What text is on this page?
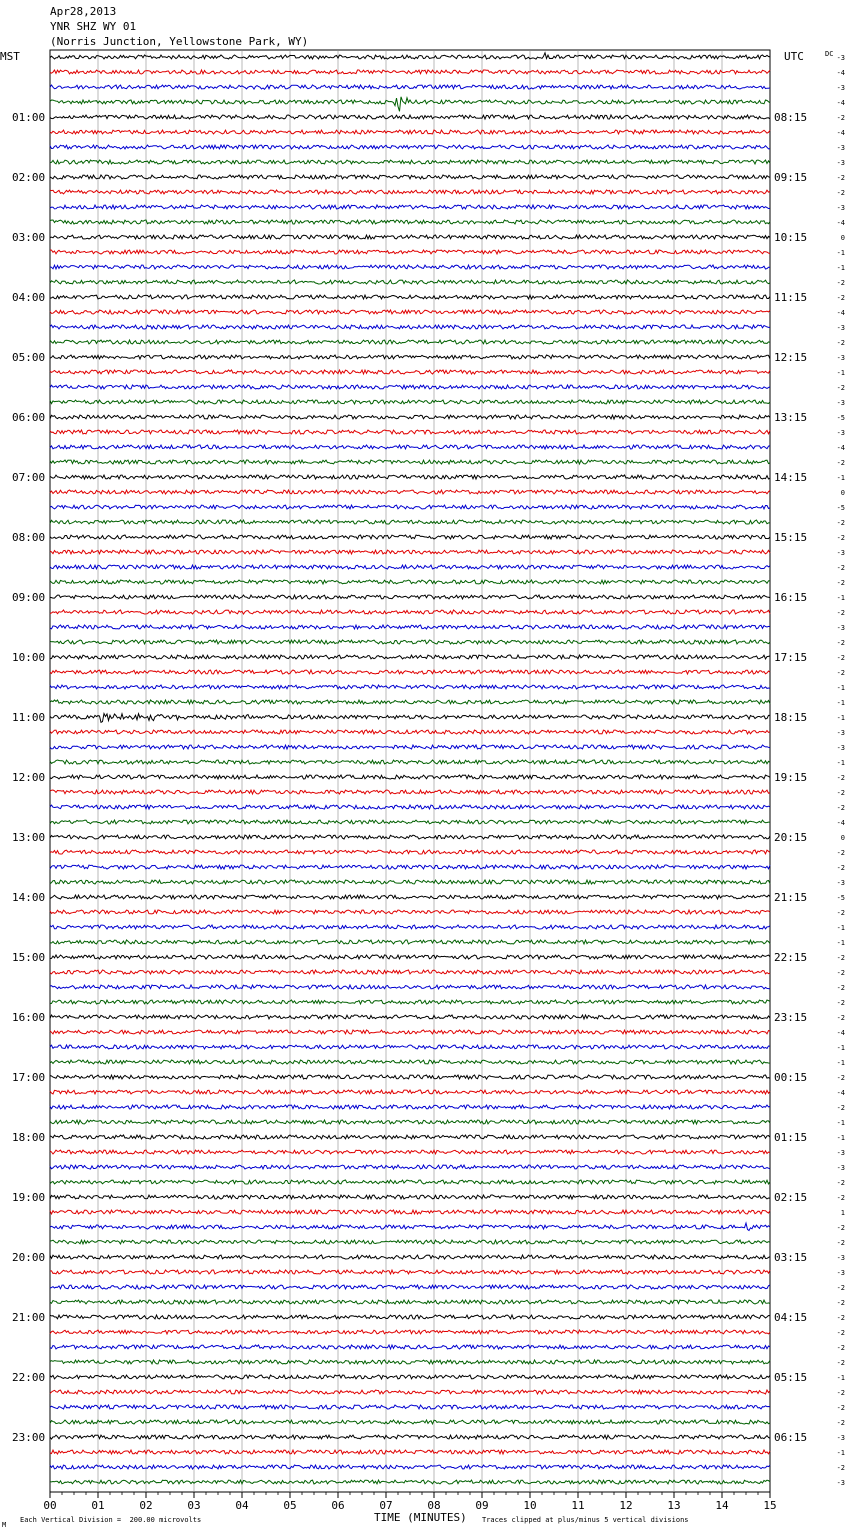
Apr28,2013
YNR SHZ WY 01
(Norris Junction, Yellowstone Park, WY)
MST	UTC	DC
00	01	02	03	04	05	06	07	08	09	10	11	12	13	14	15
-3
-4
-3
-4
-2
-4
-3
-3
-2
-2
-3
-4
0
-1
-1
-2
-2
-4
-3
-2
-3
-1
-2
-3
-5
-3
-4
-2
-1
0
-5
-2
-2
-3
-2
-2
-1
-2
-3
-2
-2
-2
-1
-1
-1
-3
-3
-1
-2
-2
-2
-4
0
-2
-2
-3
-5
-2
-1
-1
-2
-2
-2
-2
-2
-4
-1
-1
-2
-4
-2
-1
-1
-3
-3
-2
-2
1
-2
-2
-3
-3
-2
-2
-2
-2
-2
-2
-1
-2
-2
-2
-3
-1
-2
-3
01:00
02:00
03:00
04:00
05:00
06:00
07:00
08:00
09:00
10:00
11:00
12:00
13:00
14:00
15:00
16:00
17:00
18:00
19:00
20:00
21:00
22:00
23:00
08:15
09:15
10:15
11:15
12:15
13:15
14:15
15:15
16:15
17:15
18:15
19:15
20:15
21:15
22:15
23:15
00:15
01:15
02:15
03:15
04:15
05:15
06:15
TIME (MINUTES)
Each Vertical Division =  200.00 microvolts	Traces clipped at plus/minus 5 vertical divisions
M
